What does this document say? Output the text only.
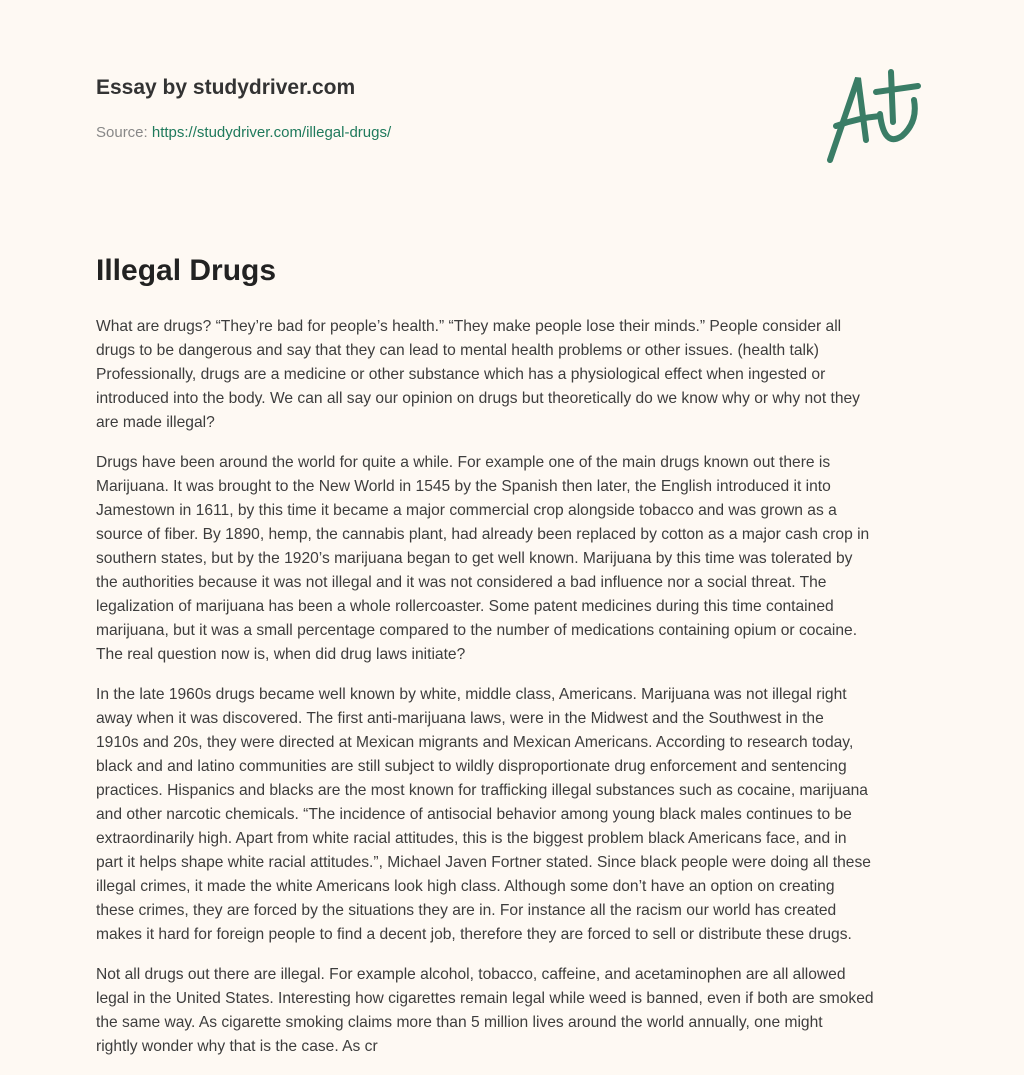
Essay by studydriver.com
Source: https://studydriver.com/illegal-drugs/
Illegal Drugs

What are drugs? “They’re bad for people’s health.” “They make people lose their minds.” People consider all
drugs to be dangerous and say that they can lead to mental health problems or other issues. (health talk)
Professionally, drugs are a medicine or other substance which has a physiological effect when ingested or
introduced into the body. We can all say our opinion on drugs but theoretically do we know why or why not they
are made illegal?

Drugs have been around the world for quite a while. For example one of the main drugs known out there is
Marijuana. It was brought to the New World in 1545 by the Spanish then later, the English introduced it into
Jamestown in 1611, by this time it became a major commercial crop alongside tobacco and was grown as a
source of fiber. By 1890, hemp, the cannabis plant, had already been replaced by cotton as a major cash crop in
southern states, but by the 1920’s marijuana began to get well known. Marijuana by this time was tolerated by
the authorities because it was not illegal and it was not considered a bad influence nor a social threat. The
legalization of marijuana has been a whole rollercoaster. Some patent medicines during this time contained
marijuana, but it was a small percentage compared to the number of medications containing opium or cocaine.
The real question now is, when did drug laws initiate?

In the late 1960s drugs became well known by white, middle class, Americans. Marijuana was not illegal right
away when it was discovered. The first anti-marijuana laws, were in the Midwest and the Southwest in the
1910s and 20s, they were directed at Mexican migrants and Mexican Americans. According to research today,
black and and latino communities are still subject to wildly disproportionate drug enforcement and sentencing
practices. Hispanics and blacks are the most known for trafficking illegal substances such as cocaine, marijuana
and other narcotic chemicals. “The incidence of antisocial behavior among young black males continues to be
extraordinarily high. Apart from white racial attitudes, this is the biggest problem black Americans face, and in
part it helps shape white racial attitudes.”, Michael Javen Fortner stated. Since black people were doing all these
illegal crimes, it made the white Americans look high class. Although some don’t have an option on creating
these crimes, they are forced by the situations they are in. For instance all the racism our world has created
makes it hard for foreign people to find a decent job, therefore they are forced to sell or distribute these drugs.

Not all drugs out there are illegal. For example alcohol, tobacco, caffeine, and acetaminophen are all allowed
legal in the United States. Interesting how cigarettes remain legal while weed is banned, even if both are smoked
the same way. As cigarette smoking claims more than 5 million lives around the world annually, one might
rightly wonder why that is the case. As cr
